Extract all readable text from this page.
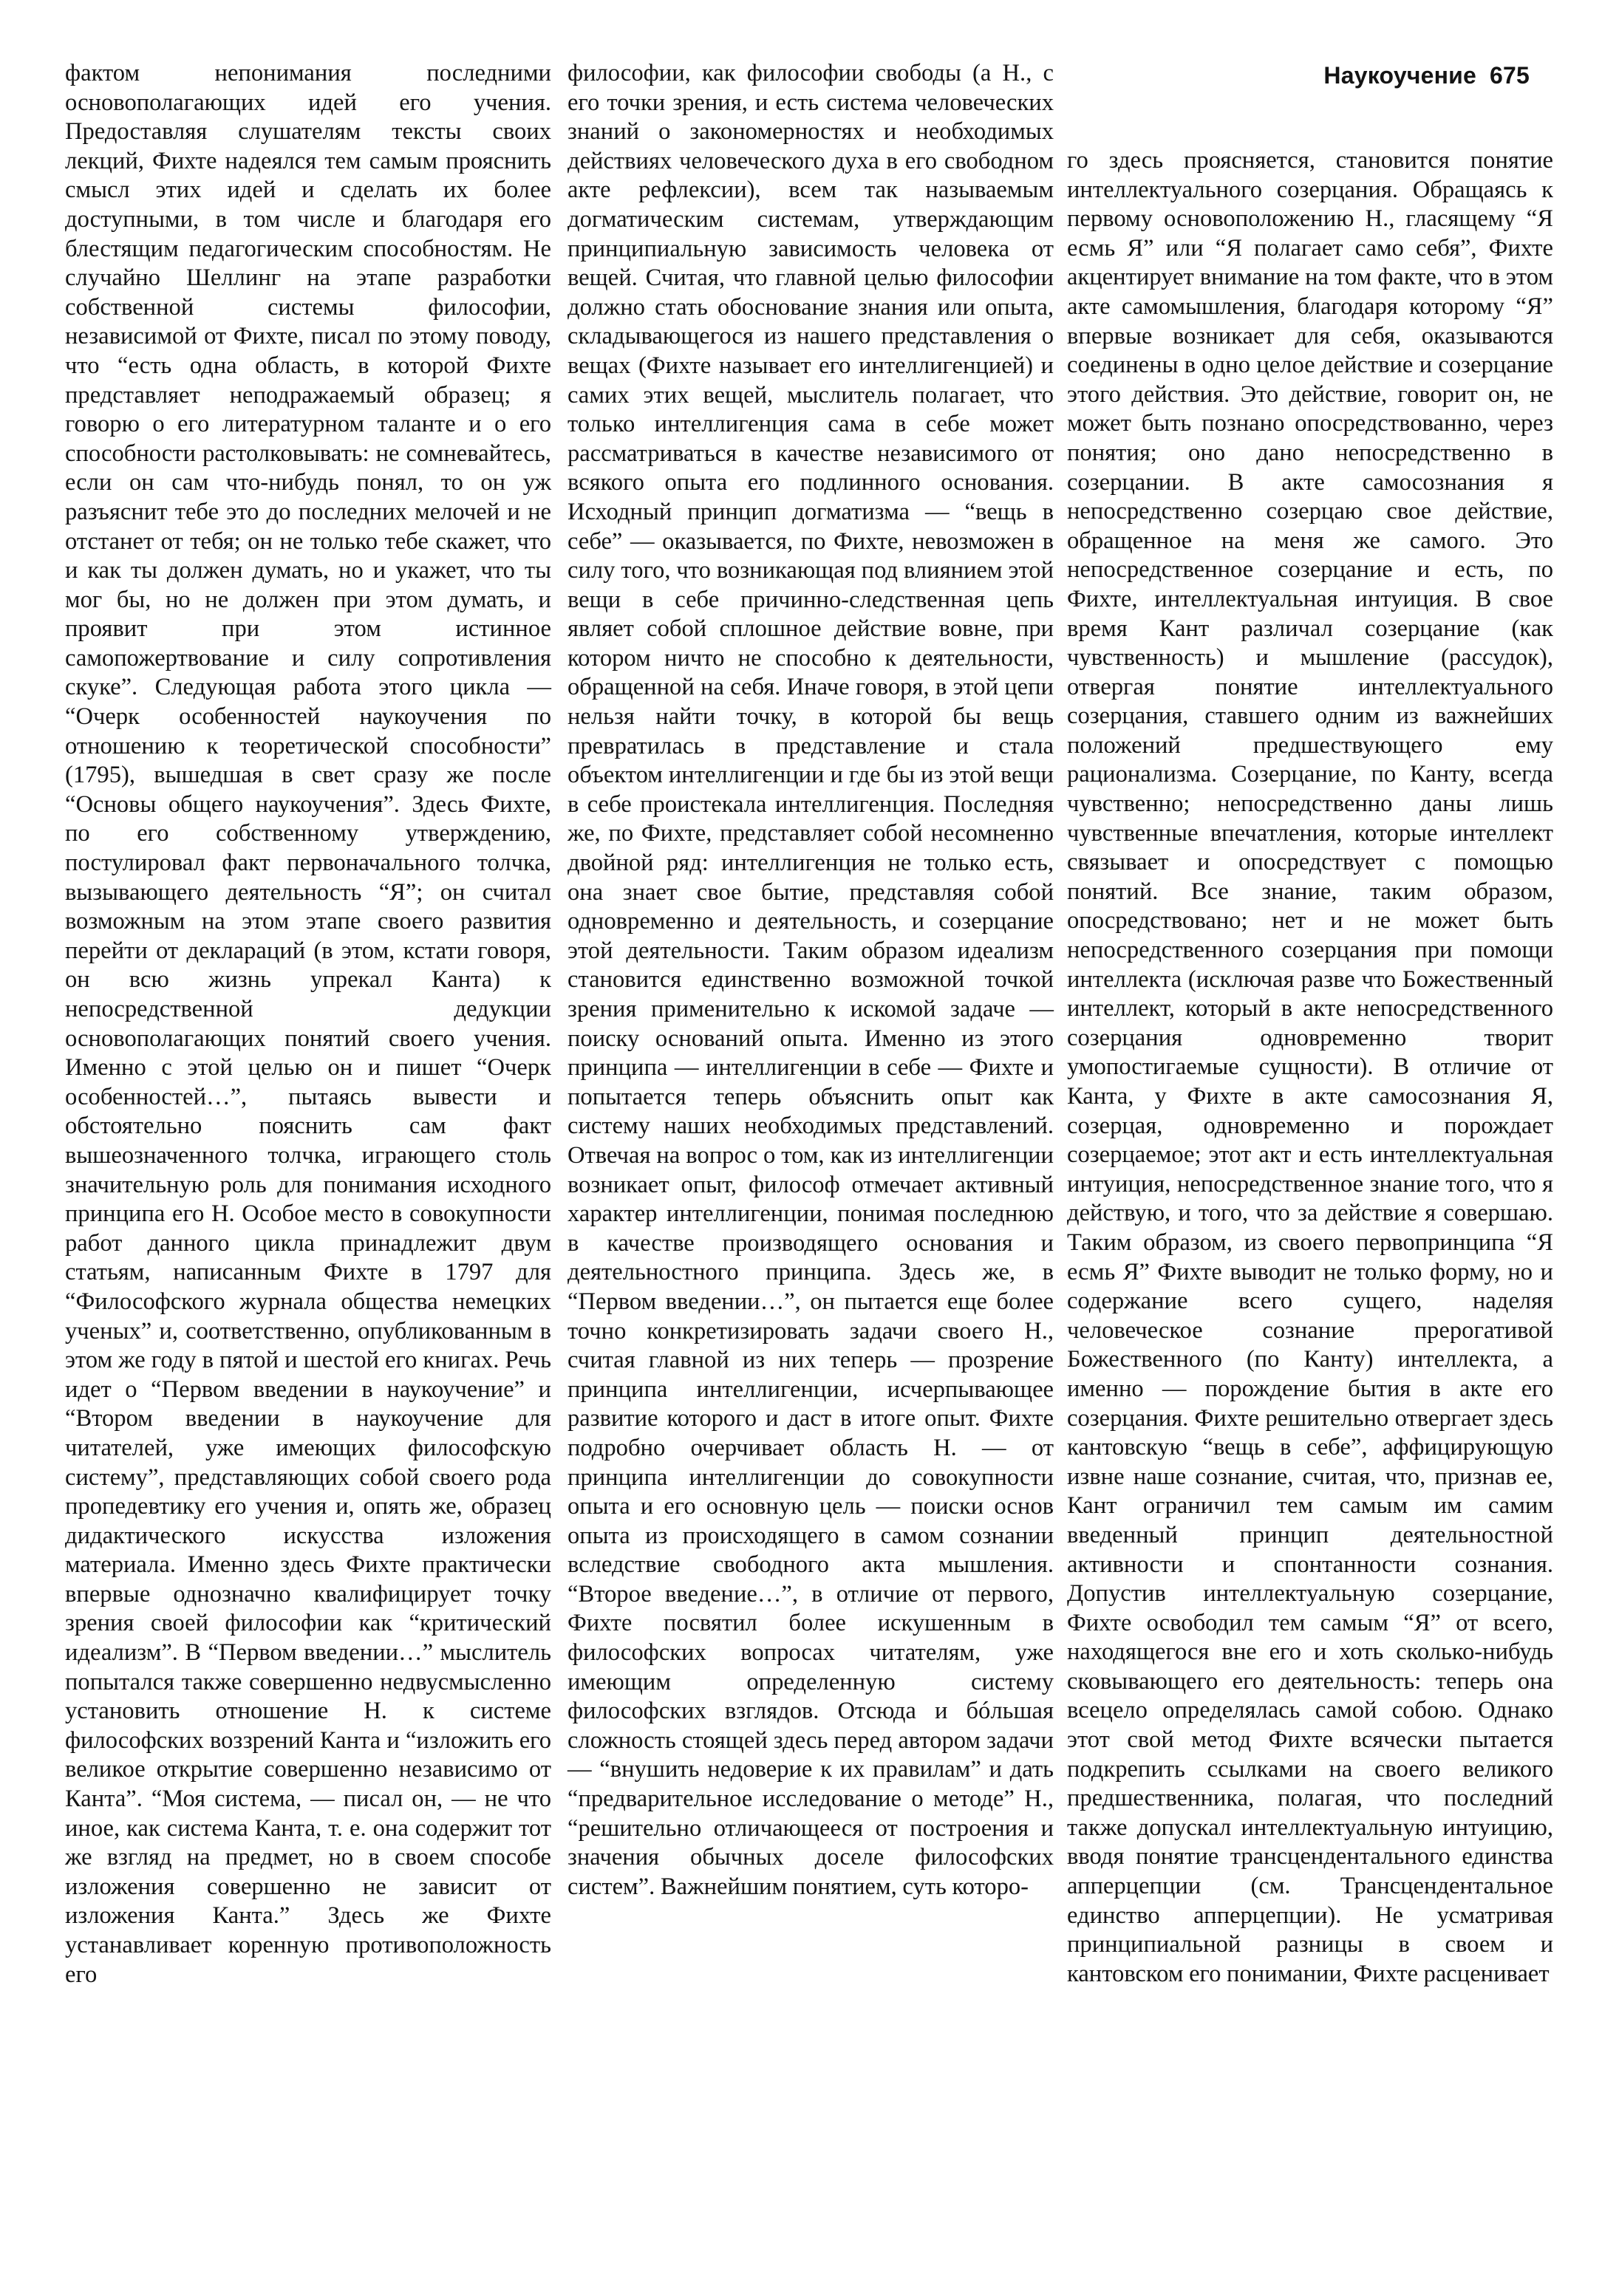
Наукоучение 675

фактом непонимания последними основополагающих идей его учения. Предоставляя слушателям тексты своих лекций, Фихте надеялся тем самым прояснить смысл этих идей и сделать их более доступными, в том числе и благодаря его блестящим педагогическим способностям. Не случайно Шеллинг на этапе разработки собственной системы философии, независимой от Фихте, писал по этому поводу, что “есть одна область, в которой Фихте представляет неподражаемый образец; я говорю о его литературном таланте и о его способности растолковывать: не сомневайтесь, если он сам что-нибудь понял, то он уж разъяснит тебе это до последних мелочей и не отстанет от тебя; он не только тебе скажет, что и как ты должен думать, но и укажет, что ты мог бы, но не должен при этом думать, и проявит при этом истинное самопожертвование и силу сопротивления скуке”. Следующая работа этого цикла — “Очерк особенностей наукоучения по отношению к теоретической способности” (1795), вышедшая в свет сразу же после “Основы общего наукоучения”. Здесь Фихте, по его собственному утверждению, постулировал факт первоначального толчка, вызывающего деятельность “Я”; он считал возможным на этом этапе своего развития перейти от деклараций (в этом, кстати говоря, он всю жизнь упрекал Канта) к непосредственной дедукции основополагающих понятий своего учения. Именно с этой целью он и пишет “Очерк особенностей…”, пытаясь вывести и обстоятельно пояснить сам факт вышеозначенного толчка, играющего столь значительную роль для понимания исходного принципа его Н. Особое место в совокупности работ данного цикла принадлежит двум статьям, написанным Фихте в 1797 для “Философского журнала общества немецких ученых” и, соответственно, опубликованным в этом же году в пятой и шестой его книгах. Речь идет о “Первом введении в наукоучение” и “Втором введении в наукоучение для читателей, уже имеющих философскую систему”, представляющих собой своего рода пропедевтику его учения и, опять же, образец дидактического искусства изложения материала. Именно здесь Фихте практически впервые однозначно квалифицирует точку зрения своей философии как “критический идеализм”. В “Первом введении…” мыслитель попытался также совершенно недвусмысленно установить отношение Н. к системе философских воззрений Канта и “изложить его великое открытие совершенно независимо от Канта”. “Моя система, — писал он, — не что иное, как система Канта, т. е. она содержит тот же взгляд на предмет, но в своем способе изложения совершенно не зависит от изложения Канта.” Здесь же Фихте устанавливает коренную противоположность его

философии, как философии свободы (а Н., с его точки зрения, и есть система человеческих знаний о закономерностях и необходимых действиях человеческого духа в его свободном акте рефлексии), всем так называемым догматическим системам, утверждающим принципиальную зависимость человека от вещей. Считая, что главной целью философии должно стать обоснование знания или опыта, складывающегося из нашего представления о вещах (Фихте называет его интеллигенцией) и самих этих вещей, мыслитель полагает, что только интеллигенция сама в себе может рассматриваться в качестве независимого от всякого опыта его подлинного основания. Исходный принцип догматизма — “вещь в себе” — оказывается, по Фихте, невозможен в силу того, что возникающая под влиянием этой вещи в себе причинно-следственная цепь являет собой сплошное действие вовне, при котором ничто не способно к деятельности, обращенной на себя. Иначе говоря, в этой цепи нельзя найти точку, в которой бы вещь превратилась в представление и стала объектом интеллигенции и где бы из этой вещи в себе проистекала интеллигенция. Последняя же, по Фихте, представляет собой несомненно двойной ряд: интеллигенция не только есть, она знает свое бытие, представляя собой одновременно и деятельность, и созерцание этой деятельности. Таким образом идеализм становится единственно возможной точкой зрения применительно к искомой задаче — поиску оснований опыта. Именно из этого принципа — интеллигенции в себе — Фихте и попытается теперь объяснить опыт как систему наших необходимых представлений. Отвечая на вопрос о том, как из интеллигенции возникает опыт, философ отмечает активный характер интеллигенции, понимая последнюю в качестве производящего основания и деятельностного принципа. Здесь же, в “Первом введении…”, он пытается еще более точно конкретизировать задачи своего Н., считая главной из них теперь — прозрение принципа интеллигенции, исчерпывающее развитие которого и даст в итоге опыт. Фихте подробно очерчивает область Н. — от принципа интеллигенции до совокупности опыта и его основную цель — поиски основ опыта из происходящего в самом сознании вследствие свободного акта мышления. “Второе введение…”, в отличие от первого, Фихте посвятил более искушенным в философских вопросах читателям, уже имеющим определенную систему философских взглядов. Отсюда и бóльшая сложность стоящей здесь перед автором задачи — “внушить недоверие к их правилам” и дать “предварительное исследование о методе” Н., “решительно отличающееся от построения и значения обычных доселе философских систем”. Важнейшим понятием, суть которо-

го здесь проясняется, становится понятие интеллектуального созерцания. Обращаясь к первому основоположению Н., гласящему “Я есмь Я” или “Я полагает само себя”, Фихте акцентирует внимание на том факте, что в этом акте самомышления, благодаря которому “Я” впервые возникает для себя, оказываются соединены в одно целое действие и созерцание этого действия. Это действие, говорит он, не может быть познано опосредствованно, через понятия; оно дано непосредственно в созерцании. В акте самосознания я непосредственно созерцаю свое действие, обращенное на меня же самого. Это непосредственное созерцание и есть, по Фихте, интеллектуальная интуиция. В свое время Кант различал созерцание (как чувственность) и мышление (рассудок), отвергая понятие интеллектуального созерцания, ставшего одним из важнейших положений предшествующего ему рационализма. Созерцание, по Канту, всегда чувственно; непосредственно даны лишь чувственные впечатления, которые интеллект связывает и опосредствует с помощью понятий. Все знание, таким образом, опосредствовано; нет и не может быть непосредственного созерцания при помощи интеллекта (исключая разве что Божественный интеллект, который в акте непосредственного созерцания одновременно творит умопостигаемые сущности). В отличие от Канта, у Фихте в акте самосознания Я, созерцая, одновременно и порождает созерцаемое; этот акт и есть интеллектуальная интуиция, непосредственное знание того, что я действую, и того, что за действие я совершаю. Таким образом, из своего первопринципа “Я есмь Я” Фихте выводит не только форму, но и содержание всего сущего, наделяя человеческое сознание прерогативой Божественного (по Канту) интеллекта, а именно — порождение бытия в акте его созерцания. Фихте решительно отвергает здесь кантовскую “вещь в себе”, аффицирующую извне наше сознание, считая, что, признав ее, Кант ограничил тем самым им самим введенный принцип деятельностной активности и спонтанности сознания. Допустив интеллектуальную созерцание, Фихте освободил тем самым “Я” от всего, находящегося вне его и хоть сколько-нибудь сковывающего его деятельность: теперь она всецело определялась самой собою. Однако этот свой метод Фихте всячески пытается подкрепить ссылками на своего великого предшественника, полагая, что последний также допускал интеллектуальную интуицию, вводя понятие трансцендентального единства апперцепции (см. Трансцендентальное единство апперцепции). Не усматривая принципиальной разницы в своем и кантовском его понимании, Фихте расценивает
